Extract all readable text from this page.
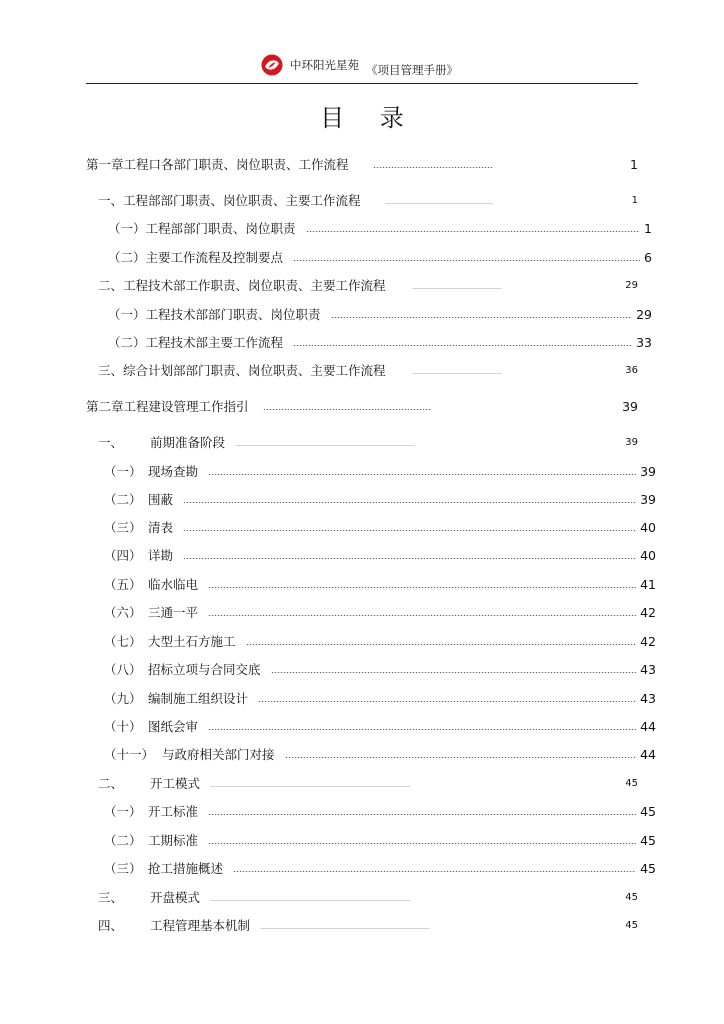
中环阳光星苑 《项目管理手册》
目 录
第一章工程口各部门职责、岗位职责、工作流程	1
一、工程部部门职责、岗位职责、主要工作流程	1
（一）工程部部门职责、岗位职责	1
（二）主要工作流程及控制要点	6
二、工程技术部工作职责、岗位职责、主要工作流程	29
（一）工程技术部部门职责、岗位职责	29
（二）工程技术部主要工作流程	33
三、综合计划部部门职责、岗位职责、主要工作流程	36
第二章工程建设管理工作指引	39
一、	前期准备阶段	39
（一） 现场查勘	39
（二） 围蔽	39
（三） 清表	40
（四） 详勘	40
（五） 临水临电	41
（六） 三通一平	42
（七） 大型土石方施工	42
（八） 招标立项与合同交底	43
（九） 编制施工组织设计	43
（十） 图纸会审	44
（十一） 与政府相关部门对接	44
二、	开工模式	45
（一） 开工标准	45
（二） 工期标准	45
（三） 抢工措施概述	45
三、	开盘模式	45
四、	工程管理基本机制	45
